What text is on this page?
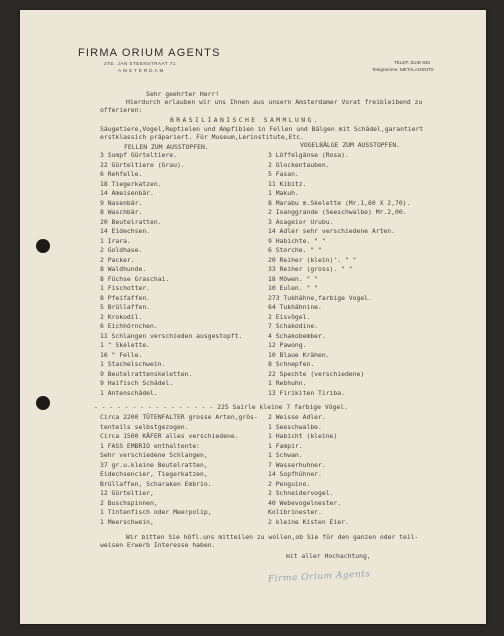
FIRMA ORIUM AGENTS
2TE. JAN STEENSTRAAT 71
AMSTERDAM
TELEF. ZUID 630
Telegramme: METALAGENTS
Sehr geehrter Herr!
Hierdurch erlauben wir uns Ihnen aus unsern Amsterdamer Vorat freibleibend zu
offerieren:
BRASILIANISCHE SAMMLUNG.
Säugetiere,Vogel,Reptielen und Ampfibien in Fellen und Bälgen mit Schädel,garantiert
erstklassich präpariert. Für Museum,Lerinstitute,Etc.
FELLEN ZUM AUSSTOPFEN.	VOGELBÄLGE ZUM AUSSTOPFEN.
3 Sumpf Gürteltiere.
22 Gürteltiere (Grau).
6 Rehfelle.
18 Tiegerkatzen.
14 Ameisenbär.
9 Nasenbär.
8 Waschbär.
20 Beutelratten.
14 Eidechsen.
1 Irara.
2 Goldhase.
2 Packer.
8 Waldhunde.
8 Füchse Graschai.
1 Fischotter.
8 Pfeifaffen.
5 Brüllaffen.
2 Krokodil.
6 Eichhörnchen.
11 Schlangen verschieden ausgestopft.
1 " Skelette.
16 " Felle.
1 Stachelschwein.
9 Beutelrattenskeletten.
9 Haifisch Schädel.
1 Antenschädel.
3 Löffelgänse (Rosa).
2 Glockentauben.
5 Fasan.
11 Kibitz.
1 Makuh.
8 Marabu m.Skelette (Mr.1,60 X 2,70).
2 Ioanggrande (Seeschwalbe) Mr.2,00.
3 Asageior Urubu.
14 Adler sehr verschiedene Arten.
9 Habichte. " "
6 Storche. " "
20 Reiher (klein)'. " "
33 Reiher (gross). " "
18 Möwen. " "
10 Eulen. " "
273 Tukhähne,farbige Vogel.
64 Tukhähnine.
2 Eisvögel.
7 Schakodine.
4 Schakobember.
12 Pawong.
10 Blaue Krähen.
8 Schnepfen.
22 Spechte (verschiedene)
1 Rebhuhn.
13 Firikiten Tiriba.
- - - - - - - - - - - - - - - - 225 Sairle kleine 7 farbige Vögel.
Circa 2200 TÜTENFALTER grosse Arten,grös-
tenteils selbstgezogen.
Circa 1500 KÄFER alles verschiedene.
1 FASS EMBRIO enthaltente:
Sehr verschiedene Schlangen,
37 gr.u.kleine Beutelratten,
Eidechsencier, Tiegerkatzen,
Brüllaffen, Scharaken Embrio.
12 Gürteltier,
2 Buschspinnen,
1 Tintenfisch oder Meerpolip,
1 Meerschwein,
2 Weisse Adler.
1 Seeschwalbe.
1 Habicht (kleine)
1 Fampir.
1 Schwan.
7 Wasserhuhner.
14 Sopfhühner.
2 Penguino.
2 Schneidervogel.
40 Webevogelnester.
Kolibrinester.
2 kleine Kisten Eier.
Wir bitten Sie höfl.uns mitteilen zu wollen,ob Sie für den ganzen oder teil-
weisen Erwerb Interesse haben.
mit aller Hochachtung,
Firma Orium Agents
